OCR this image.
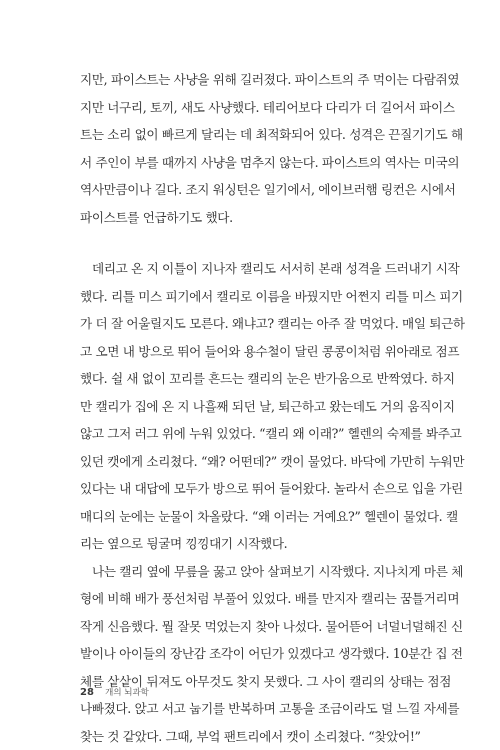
지만, 파이스트는 사냥을 위해 길러졌다. 파이스트의 주 먹이는 다람쥐였
지만 너구리, 토끼, 새도 사냥했다. 테리어보다 다리가 더 길어서 파이스
트는 소리 없이 빠르게 달리는 데 최적화되어 있다. 성격은 끈질기기도 해
서 주인이 부를 때까지 사냥을 멈추지 않는다. 파이스트의 역사는 미국의
역사만큼이나 길다. 조지 워싱턴은 일기에서, 에이브러햄 링컨은 시에서
파이스트를 언급하기도 했다.
데리고 온 지 이틀이 지나자 캘리도 서서히 본래 성격을 드러내기 시작
했다. 리틀 미스 피기에서 캘리로 이름을 바꿨지만 어쩐지 리틀 미스 피기
가 더 잘 어울릴지도 모른다. 왜냐고? 캘리는 아주 잘 먹었다. 매일 퇴근하
고 오면 내 방으로 뛰어 들어와 용수철이 달린 콩콩이처럼 위아래로 점프
했다. 쉴 새 없이 꼬리를 흔드는 캘리의 눈은 반가움으로 반짝였다. 하지
만 캘리가 집에 온 지 나흘째 되던 날, 퇴근하고 왔는데도 거의 움직이지
않고 그저 러그 위에 누워 있었다. “캘리 왜 이래?” 헬렌의 숙제를 봐주고
있던 캣에게 소리쳤다. “왜? 어떤데?” 캣이 물었다. 바닥에 가만히 누워만
있다는 내 대답에 모두가 방으로 뛰어 들어왔다. 놀라서 손으로 입을 가린
매디의 눈에는 눈물이 차올랐다. “왜 이러는 거예요?” 헬렌이 물었다. 캘
리는 옆으로 뒹굴며 낑낑대기 시작했다.
나는 캘리 옆에 무릎을 꿇고 앉아 살펴보기 시작했다. 지나치게 마른 체
형에 비해 배가 풍선처럼 부풀어 있었다. 배를 만지자 캘리는 꿈틀거리며
작게 신음했다. 뭘 잘못 먹었는지 찾아 나섰다. 물어뜯어 너덜너덜해진 신
발이나 아이들의 장난감 조각이 어딘가 있겠다고 생각했다. 10분간 집 전
체를 샅샅이 뒤져도 아무것도 찾지 못했다. 그 사이 캘리의 상태는 점점
나빠졌다. 앉고 서고 눕기를 반복하며 고통을 조금이라도 덜 느낄 자세를
찾는 것 같았다. 그때, 부엌 팬트리에서 캣이 소리쳤다. “찾았어!”
28 개의 뇌과학
